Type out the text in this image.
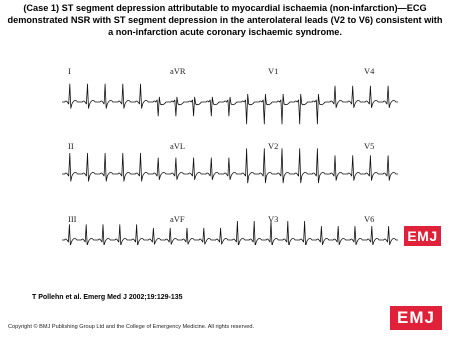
(Case 1) ST segment depression attributable to myocardial ischaemia (non-infarction)—ECG demonstrated NSR with ST segment depression in the anterolateral leads (V2 to V6) consistent with a non-infarction acute coronary ischaemic syndrome.
I	aVR	V1	V4
II	aVL	V2	V5
III	aVF	V3	V6
EMJ
T Pollehn et al. Emerg Med J 2002;19:129-135
Copyright © BMJ Publishing Group Ltd and the College of Emergency Medicine. All rights reserved.	EMJ
